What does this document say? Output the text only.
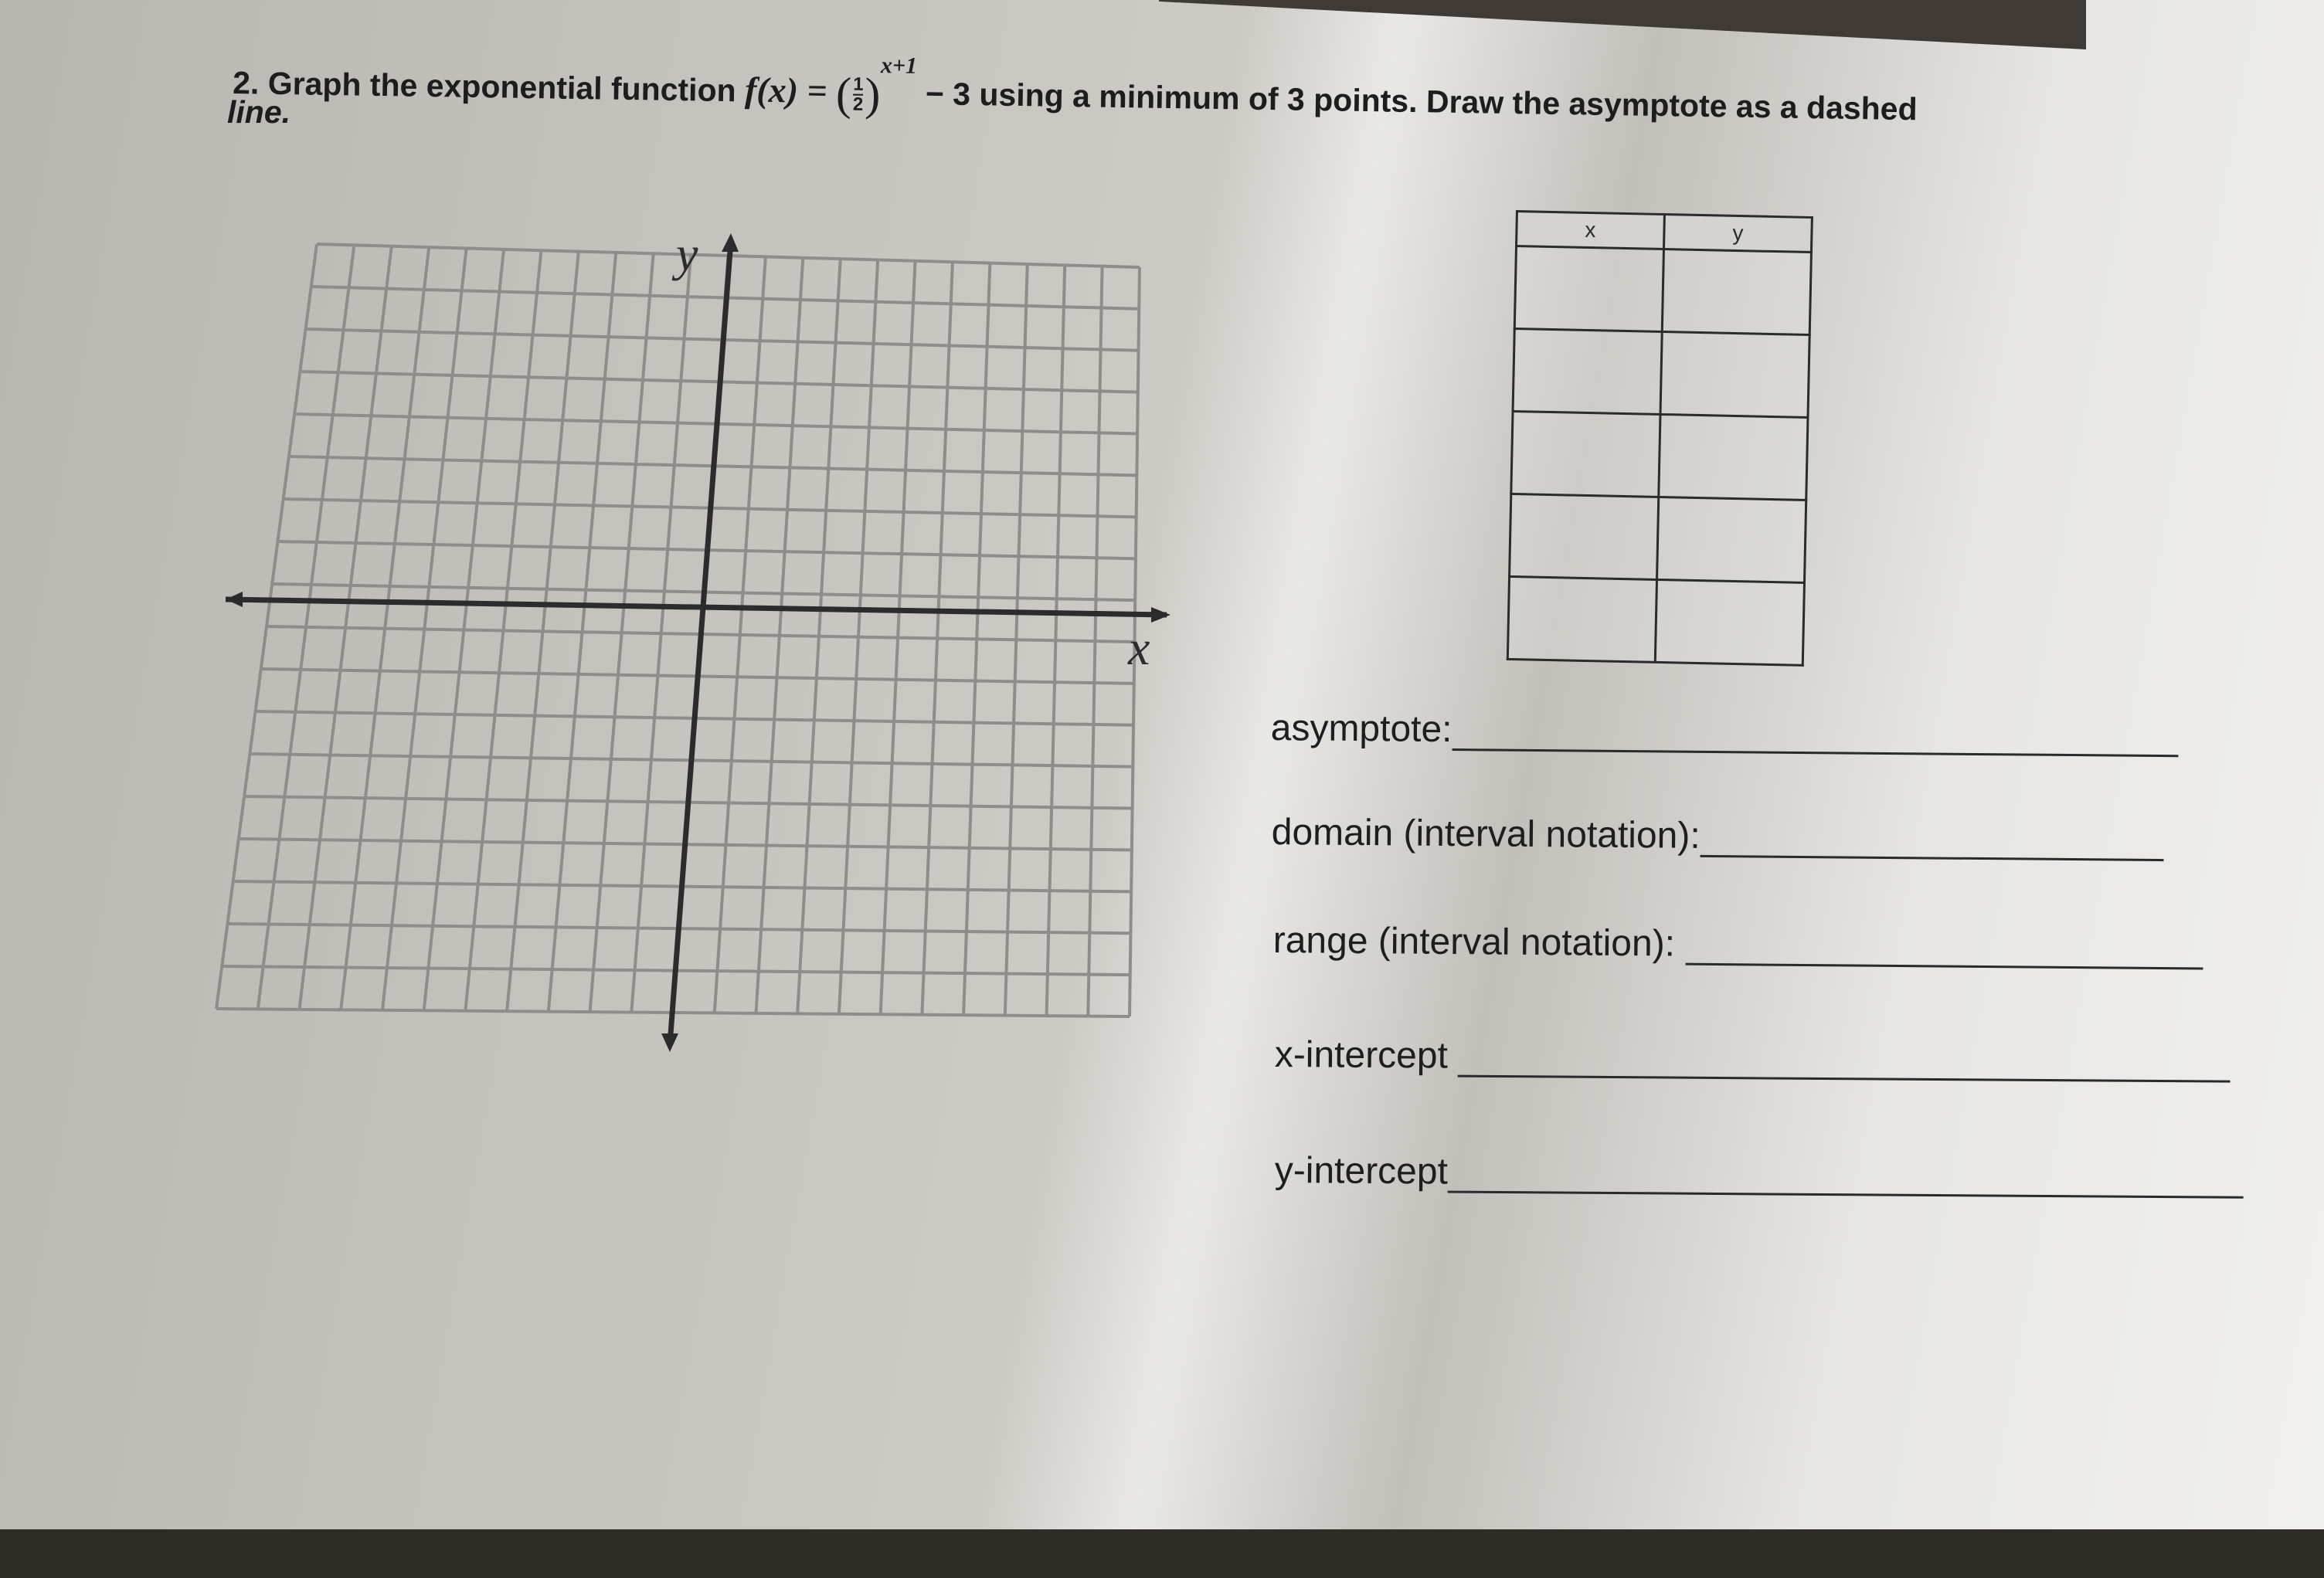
2. Graph the exponential function f(x) = ( $\frac{1}{2} )^{x+1} - 3$ using a minimum of 3 points. Draw the asymptote as a dashed
line.
y
x
x	y

asymptote:
domain (interval notation):
range (interval notation):
x-intercept
y-intercept
